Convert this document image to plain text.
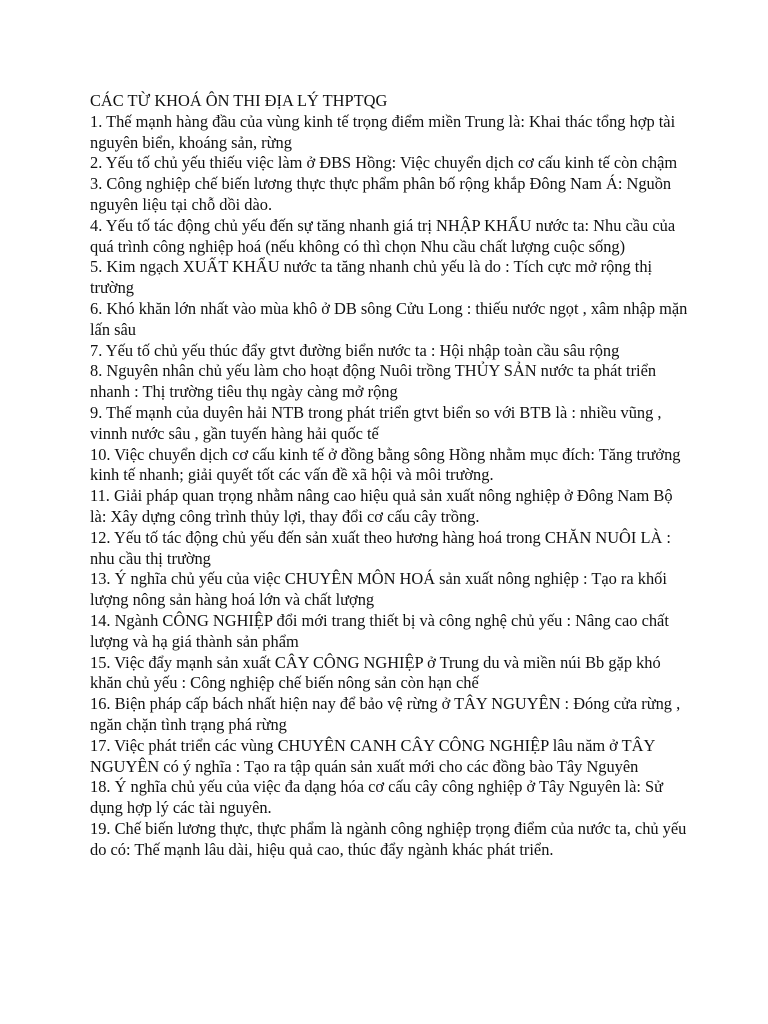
CÁC TỪ KHOÁ ÔN THI ĐỊA LÝ THPTQG

1. Thế mạnh hàng đầu của vùng kinh tế trọng điểm miền Trung là: Khai thác tổng hợp tài nguyên biển, khoáng sản, rừng

2. Yếu tố chủ yếu thiếu việc làm ở ĐBS Hồng: Việc chuyển dịch cơ cấu kinh tế còn chậm

3. Công nghiệp chế biến lương thực thực phẩm phân bố rộng khắp Đông Nam Á: Nguồn nguyên liệu tại chỗ dồi dào.

4. Yếu tố tác động chủ yếu đến sự tăng nhanh giá trị NHẬP KHẨU nước ta: Nhu cầu của quá trình công nghiệp hoá (nếu không có thì chọn Nhu cầu chất lượng cuộc sống)

5. Kim ngạch XUẤT KHẨU nước ta tăng nhanh chủ yếu là do : Tích cực mở rộng thị trường

6. Khó khăn lớn nhất vào mùa khô ở DB sông Cửu Long : thiếu nước ngọt , xâm nhập mặn lấn sâu

7. Yếu tố chủ yếu thúc đẩy gtvt đường biển nước ta : Hội nhập toàn cầu sâu rộng

8. Nguyên nhân chủ yếu làm cho hoạt động Nuôi trồng THỦY SẢN nước ta phát triển nhanh : Thị trường tiêu thụ ngày càng mở rộng

9. Thế mạnh của duyên hải NTB trong phát triển gtvt biển so với BTB là : nhiều vũng , vinnh nước sâu , gần tuyến hàng hải quốc tế

10. Việc chuyển dịch cơ cấu kinh tế ở đồng bằng sông Hồng nhằm mục đích: Tăng trưởng kinh tế nhanh; giải quyết tốt các vấn đề xã hội và môi trường.

11. Giải pháp quan trọng nhằm nâng cao hiệu quả sản xuất nông nghiệp ở Đông Nam Bộ là: Xây dựng công trình thủy lợi, thay đổi cơ cấu cây trồng.

12. Yếu tố tác động chủ yếu đến sản xuất theo hương hàng hoá trong CHĂN NUÔI LÀ : nhu cầu thị trường

13. Ý nghĩa chủ yếu của việc CHUYÊN MÔN HOÁ sản xuất nông nghiệp : Tạo ra khối lượng nông sản hàng hoá lớn và chất lượng

14. Ngành CÔNG NGHIỆP đổi mới trang thiết bị và công nghệ chủ yếu : Nâng cao chất lượng và hạ giá thành sản phẩm

15. Việc đẩy mạnh sản xuất CÂY CÔNG NGHIỆP ở Trung du và miền núi Bb gặp khó khăn chủ yếu : Công nghiệp chế biến nông sản còn hạn chế

16. Biện pháp cấp bách nhất hiện nay để bảo vệ rừng ở TÂY NGUYÊN : Đóng cửa rừng , ngăn chặn tình trạng phá rừng

17. Việc phát triển các vùng CHUYÊN CANH CÂY CÔNG NGHIỆP lâu năm ở TÂY NGUYÊN có ý nghĩa : Tạo ra tập quán sản xuất mới cho các đồng bào Tây Nguyên

18. Ý nghĩa chủ yếu của việc đa dạng hóa cơ cấu cây công nghiệp ở Tây Nguyên là: Sử dụng hợp lý các tài nguyên.

19. Chế biến lương thực, thực phẩm là ngành công nghiệp trọng điểm của nước ta, chủ yếu do có: Thế mạnh lâu dài, hiệu quả cao, thúc đẩy ngành khác phát triển.
